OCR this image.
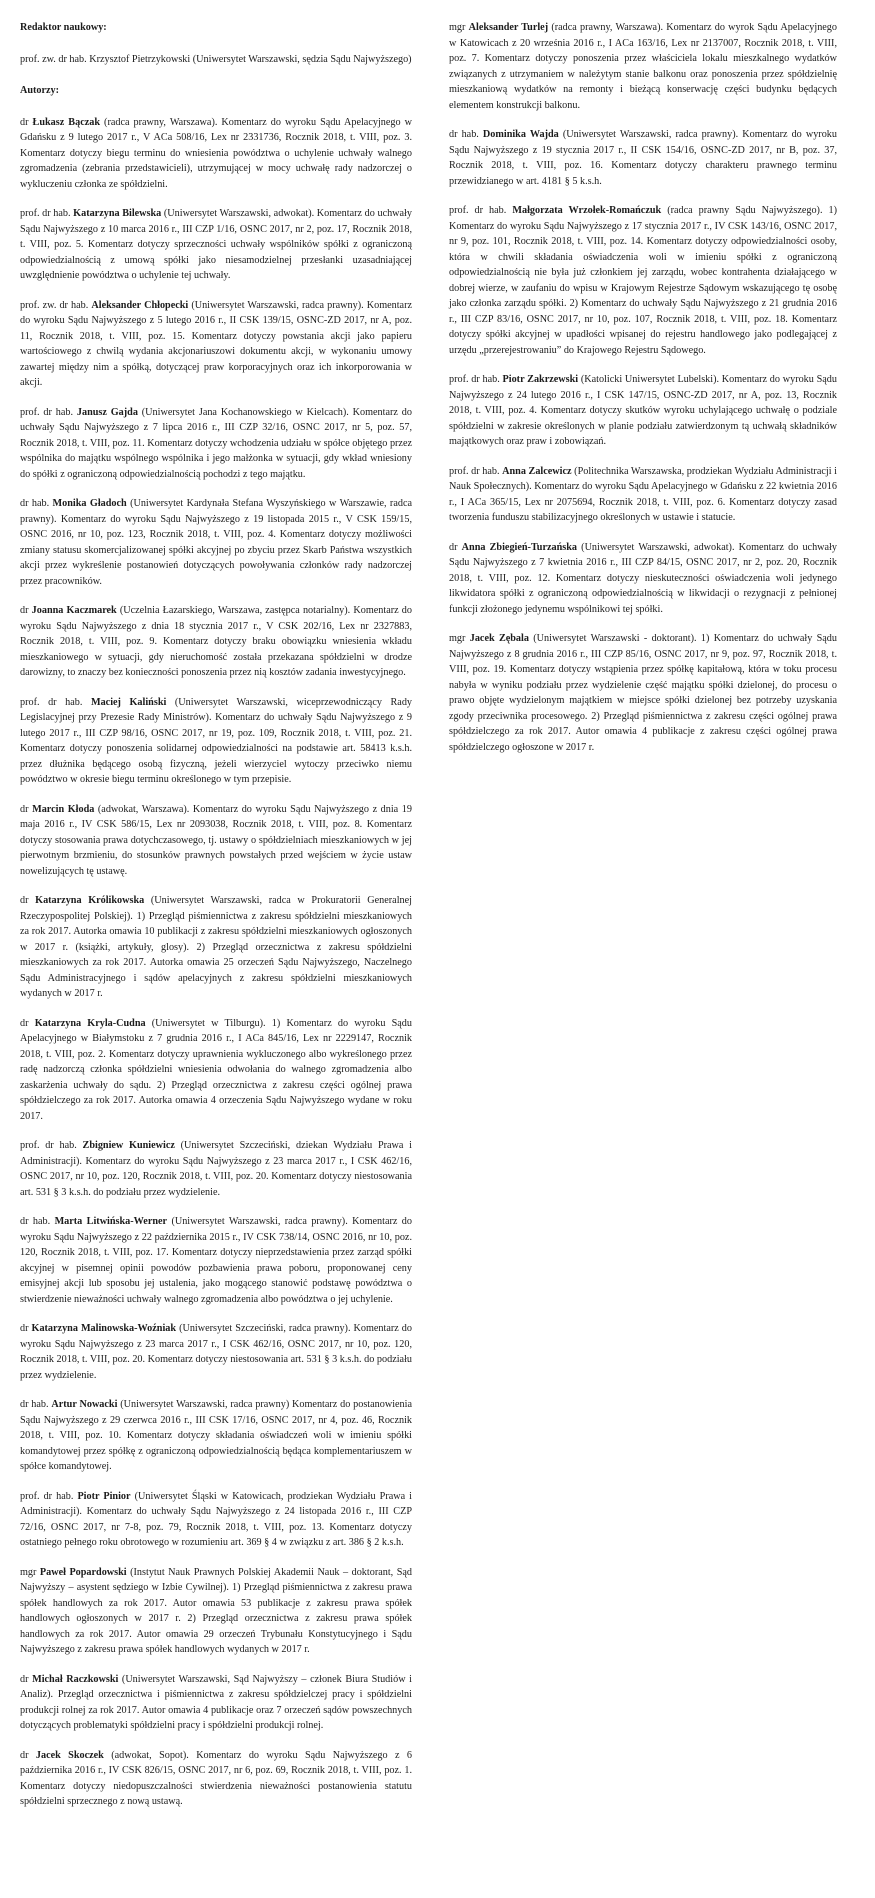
Redaktor naukowy:

prof. zw. dr hab. Krzysztof Pietrzykowski (Uniwersytet Warszawski, sędzia Sądu Najwyższego)

Autorzy:

dr Łukasz Bączak (radca prawny, Warszawa). Komentarz do wyroku Sądu Apelacyjnego w Gdańsku z 9 lutego 2017 r., V ACa 508/16, Lex nr 2331736, Rocznik 2018, t. VIII, poz. 3. Komentarz dotyczy biegu terminu do wniesienia powództwa o uchylenie uchwały walnego zgromadzenia (zebrania przedstawicieli), utrzymującej w mocy uchwałę rady nadzorczej o wykluczeniu członka ze spółdzielni.

prof. dr hab. Katarzyna Bilewska (Uniwersytet Warszawski, adwokat). Komentarz do uchwały Sądu Najwyższego z 10 marca 2016 r., III CZP 1/16, OSNC 2017, nr 2, poz. 17, Rocznik 2018, t. VIII, poz. 5. Komentarz dotyczy sprzeczności uchwały wspólników spółki z ograniczoną odpowiedzialnością z umową spółki jako niesamodzielnej przesłanki uzasadniającej uwzględnienie powództwa o uchylenie tej uchwały.

prof. zw. dr hab. Aleksander Chłopecki (Uniwersytet Warszawski, radca prawny). Komentarz do wyroku Sądu Najwyższego z 5 lutego 2016 r., II CSK 139/15, OSNC-ZD 2017, nr A, poz. 11, Rocznik 2018, t. VIII, poz. 15. Komentarz dotyczy powstania akcji jako papieru wartościowego z chwilą wydania akcjonariuszowi dokumentu akcji, w wykonaniu umowy zawartej między nim a spółką, dotyczącej praw korporacyjnych oraz ich inkorporowania w akcji.

prof. dr hab. Janusz Gajda (Uniwersytet Jana Kochanowskiego w Kielcach). Komentarz do uchwały Sądu Najwyższego z 7 lipca 2016 r., III CZP 32/16, OSNC 2017, nr 5, poz. 57, Rocznik 2018, t. VIII, poz. 11. Komentarz dotyczy wchodzenia udziału w spółce objętego przez wspólnika do majątku wspólnego wspólnika i jego małżonka w sytuacji, gdy wkład wniesiony do spółki z ograniczoną odpowiedzialnością pochodzi z tego majątku.

dr hab. Monika Gładoch (Uniwersytet Kardynała Stefana Wyszyńskiego w Warszawie, radca prawny). Komentarz do wyroku Sądu Najwyższego z 19 listopada 2015 r., V CSK 159/15, OSNC 2016, nr 10, poz. 123, Rocznik 2018, t. VIII, poz. 4. Komentarz dotyczy możliwości zmiany statusu skomercjalizowanej spółki akcyjnej po zbyciu przez Skarb Państwa wszystkich akcji przez wykreślenie postanowień dotyczących powoływania członków rady nadzorczej przez pracowników.

dr Joanna Kaczmarek (Uczelnia Łazarskiego, Warszawa, zastępca notarialny). Komentarz do wyroku Sądu Najwyższego z dnia 18 stycznia 2017 r., V CSK 202/16, Lex nr 2327883, Rocznik 2018, t. VIII, poz. 9. Komentarz dotyczy braku obowiązku wniesienia wkładu mieszkaniowego w sytuacji, gdy nieruchomość została przekazana spółdzielni w drodze darowizny, to znaczy bez konieczności ponoszenia przez nią kosztów zadania inwestycyjnego.

prof. dr hab. Maciej Kaliński (Uniwersytet Warszawski, wiceprzewodniczący Rady Legislacyjnej przy Prezesie Rady Ministrów). Komentarz do uchwały Sądu Najwyższego z 9 lutego 2017 r., III CZP 98/16, OSNC 2017, nr 19, poz. 109, Rocznik 2018, t. VIII, poz. 21. Komentarz dotyczy ponoszenia solidarnej odpowiedzialności na podstawie art. 58413 k.s.h. przez dłużnika będącego osobą fizyczną, jeżeli wierzyciel wytoczy przeciwko niemu powództwo w okresie biegu terminu określonego w tym przepisie.

dr Marcin Kłoda (adwokat, Warszawa). Komentarz do wyroku Sądu Najwyższego z dnia 19 maja 2016 r., IV CSK 586/15, Lex nr 2093038, Rocznik 2018, t. VIII, poz. 8. Komentarz dotyczy stosowania prawa dotychczasowego, tj. ustawy o spółdzielniach mieszkaniowych w jej pierwotnym brzmieniu, do stosunków prawnych powstałych przed wejściem w życie ustaw nowelizujących tę ustawę.

dr Katarzyna Królikowska (Uniwersytet Warszawski, radca w Prokuratorii Generalnej Rzeczypospolitej Polskiej). 1) Przegląd piśmiennictwa z zakresu spółdzielni mieszkaniowych za rok 2017. Autorka omawia 10 publikacji z zakresu spółdzielni mieszkaniowych ogłoszonych w 2017 r. (książki, artykuły, glosy). 2) Przegląd orzecznictwa z zakresu spółdzielni mieszkaniowych za rok 2017. Autorka omawia 25 orzeczeń Sądu Najwyższego, Naczelnego Sądu Administracyjnego i sądów apelacyjnych z zakresu spółdzielni mieszkaniowych wydanych w 2017 r.

dr Katarzyna Kryla-Cudna (Uniwersytet w Tilburgu). 1) Komentarz do wyroku Sądu Apelacyjnego w Białymstoku z 7 grudnia 2016 r., I ACa 845/16, Lex nr 2229147, Rocznik 2018, t. VIII, poz. 2. Komentarz dotyczy uprawnienia wykluczonego albo wykreślonego przez radę nadzorczą członka spółdzielni wniesienia odwołania do walnego zgromadzenia albo zaskarżenia uchwały do sądu. 2) Przegląd orzecznictwa z zakresu części ogólnej prawa spółdzielczego za rok 2017. Autorka omawia 4 orzeczenia Sądu Najwyższego wydane w roku 2017.

prof. dr hab. Zbigniew Kuniewicz (Uniwersytet Szczeciński, dziekan Wydziału Prawa i Administracji). Komentarz do wyroku Sądu Najwyższego z 23 marca 2017 r., I CSK 462/16, OSNC 2017, nr 10, poz. 120, Rocznik 2018, t. VIII, poz. 20. Komentarz dotyczy niestosowania art. 531 § 3 k.s.h. do podziału przez wydzielenie.

dr hab. Marta Litwińska-Werner (Uniwersytet Warszawski, radca prawny). Komentarz do wyroku Sądu Najwyższego z 22 października 2015 r., IV CSK 738/14, OSNC 2016, nr 10, poz. 120, Rocznik 2018, t. VIII, poz. 17. Komentarz dotyczy nieprzedstawienia przez zarząd spółki akcyjnej w pisemnej opinii powodów pozbawienia prawa poboru, proponowanej ceny emisyjnej akcji lub sposobu jej ustalenia, jako mogącego stanowić podstawę powództwa o stwierdzenie nieważności uchwały walnego zgromadzenia albo powództwa o jej uchylenie.

dr Katarzyna Malinowska-Woźniak (Uniwersytet Szczeciński, radca prawny). Komentarz do wyroku Sądu Najwyższego z 23 marca 2017 r., I CSK 462/16, OSNC 2017, nr 10, poz. 120, Rocznik 2018, t. VIII, poz. 20. Komentarz dotyczy niestosowania art. 531 § 3 k.s.h. do podziału przez wydzielenie.

dr hab. Artur Nowacki (Uniwersytet Warszawski, radca prawny) Komentarz do postanowienia Sądu Najwyższego z 29 czerwca 2016 r., III CSK 17/16, OSNC 2017, nr 4, poz. 46, Rocznik 2018, t. VIII, poz. 10. Komentarz dotyczy składania oświadczeń woli w imieniu spółki komandytowej przez spółkę z ograniczoną odpowiedzialnością będąca komplementariuszem w spółce komandytowej.

prof. dr hab. Piotr Pinior (Uniwersytet Śląski w Katowicach, prodziekan Wydziału Prawa i Administracji). Komentarz do uchwały Sądu Najwyższego z 24 listopada 2016 r., III CZP 72/16, OSNC 2017, nr 7-8, poz. 79, Rocznik 2018, t. VIII, poz. 13. Komentarz dotyczy ostatniego pełnego roku obrotowego w rozumieniu art. 369 § 4 w związku z art. 386 § 2 k.s.h.

mgr Paweł Popardowski (Instytut Nauk Prawnych Polskiej Akademii Nauk – doktorant, Sąd Najwyższy – asystent sędziego w Izbie Cywilnej). 1) Przegląd piśmiennictwa z zakresu prawa spółek handlowych za rok 2017. Autor omawia 53 publikacje z zakresu prawa spółek handlowych ogłoszonych w 2017 r. 2) Przegląd orzecznictwa z zakresu prawa spółek handlowych za rok 2017. Autor omawia 29 orzeczeń Trybunału Konstytucyjnego i Sądu Najwyższego z zakresu prawa spółek handlowych wydanych w 2017 r.

dr Michał Raczkowski (Uniwersytet Warszawski, Sąd Najwyższy – członek Biura Studiów i Analiz). Przegląd orzecznictwa i piśmiennictwa z zakresu spółdzielczej pracy i spółdzielni produkcji rolnej za rok 2017. Autor omawia 4 publikacje oraz 7 orzeczeń sądów powszechnych dotyczących problematyki spółdzielni pracy i spółdzielni produkcji rolnej.

dr Jacek Skoczek (adwokat, Sopot). Komentarz do wyroku Sądu Najwyższego z 6 października 2016 r., IV CSK 826/15, OSNC 2017, nr 6, poz. 69, Rocznik 2018, t. VIII, poz. 1. Komentarz dotyczy niedopuszczalności stwierdzenia nieważności postanowienia statutu spółdzielni sprzecznego z nową ustawą.

mgr Aleksander Turlej (radca prawny, Warszawa). Komentarz do wyrok Sądu Apelacyjnego w Katowicach z 20 września 2016 r., I ACa 163/16, Lex nr 2137007, Rocznik 2018, t. VIII, poz. 7. Komentarz dotyczy ponoszenia przez właściciela lokalu mieszkalnego wydatków związanych z utrzymaniem w należytym stanie balkonu oraz ponoszenia przez spółdzielnię mieszkaniową wydatków na remonty i bieżącą konserwację części budynku będących elementem konstrukcji balkonu.

dr hab. Dominika Wajda (Uniwersytet Warszawski, radca prawny). Komentarz do wyroku Sądu Najwyższego z 19 stycznia 2017 r., II CSK 154/16, OSNC-ZD 2017, nr B, poz. 37, Rocznik 2018, t. VIII, poz. 16. Komentarz dotyczy charakteru prawnego terminu przewidzianego w art. 4181 § 5 k.s.h.

prof. dr hab. Małgorzata Wrzołek-Romańczuk (radca prawny Sądu Najwyższego). 1) Komentarz do wyroku Sądu Najwyższego z 17 stycznia 2017 r., IV CSK 143/16, OSNC 2017, nr 9, poz. 101, Rocznik 2018, t. VIII, poz. 14. Komentarz dotyczy odpowiedzialności osoby, która w chwili składania oświadczenia woli w imieniu spółki z ograniczoną odpowiedzialnością nie była już członkiem jej zarządu, wobec kontrahenta działającego w dobrej wierze, w zaufaniu do wpisu w Krajowym Rejestrze Sądowym wskazującego tę osobę jako członka zarządu spółki. 2) Komentarz do uchwały Sądu Najwyższego z 21 grudnia 2016 r., III CZP 83/16, OSNC 2017, nr 10, poz. 107, Rocznik 2018, t. VIII, poz. 18. Komentarz dotyczy spółki akcyjnej w upadłości wpisanej do rejestru handlowego jako podlegającej z urzędu „przerejestrowaniu” do Krajowego Rejestru Sądowego.

prof. dr hab. Piotr Zakrzewski (Katolicki Uniwersytet Lubelski). Komentarz do wyroku Sądu Najwyższego z 24 lutego 2016 r., I CSK 147/15, OSNC-ZD 2017, nr A, poz. 13, Rocznik 2018, t. VIII, poz. 4. Komentarz dotyczy skutków wyroku uchylającego uchwałę o podziale spółdzielni w zakresie określonych w planie podziału zatwierdzonym tą uchwałą składników majątkowych oraz praw i zobowiązań.

prof. dr hab. Anna Zalcewicz (Politechnika Warszawska, prodziekan Wydziału Administracji i Nauk Społecznych). Komentarz do wyroku Sądu Apelacyjnego w Gdańsku z 22 kwietnia 2016 r., I ACa 365/15, Lex nr 2075694, Rocznik 2018, t. VIII, poz. 6. Komentarz dotyczy zasad tworzenia funduszu stabilizacyjnego określonych w ustawie i statucie.

dr Anna Zbiegień-Turzańska (Uniwersytet Warszawski, adwokat). Komentarz do uchwały Sądu Najwyższego z 7 kwietnia 2016 r., III CZP 84/15, OSNC 2017, nr 2, poz. 20, Rocznik 2018, t. VIII, poz. 12. Komentarz dotyczy nieskuteczności oświadczenia woli jedynego likwidatora spółki z ograniczoną odpowiedzialnością w likwidacji o rezygnacji z pełnionej funkcji złożonego jedynemu wspólnikowi tej spółki.

mgr Jacek Zębala (Uniwersytet Warszawski - doktorant). 1) Komentarz do uchwały Sądu Najwyższego z 8 grudnia 2016 r., III CZP 85/16, OSNC 2017, nr 9, poz. 97, Rocznik 2018, t. VIII, poz. 19. Komentarz dotyczy wstąpienia przez spółkę kapitałową, która w toku procesu nabyła w wyniku podziału przez wydzielenie część majątku spółki dzielonej, do procesu o prawo objęte wydzielonym majątkiem w miejsce spółki dzielonej bez potrzeby uzyskania zgody przeciwnika procesowego. 2) Przegląd piśmiennictwa z zakresu części ogólnej prawa spółdzielczego za rok 2017. Autor omawia 4 publikacje z zakresu części ogólnej prawa spółdzielczego ogłoszone w 2017 r.
